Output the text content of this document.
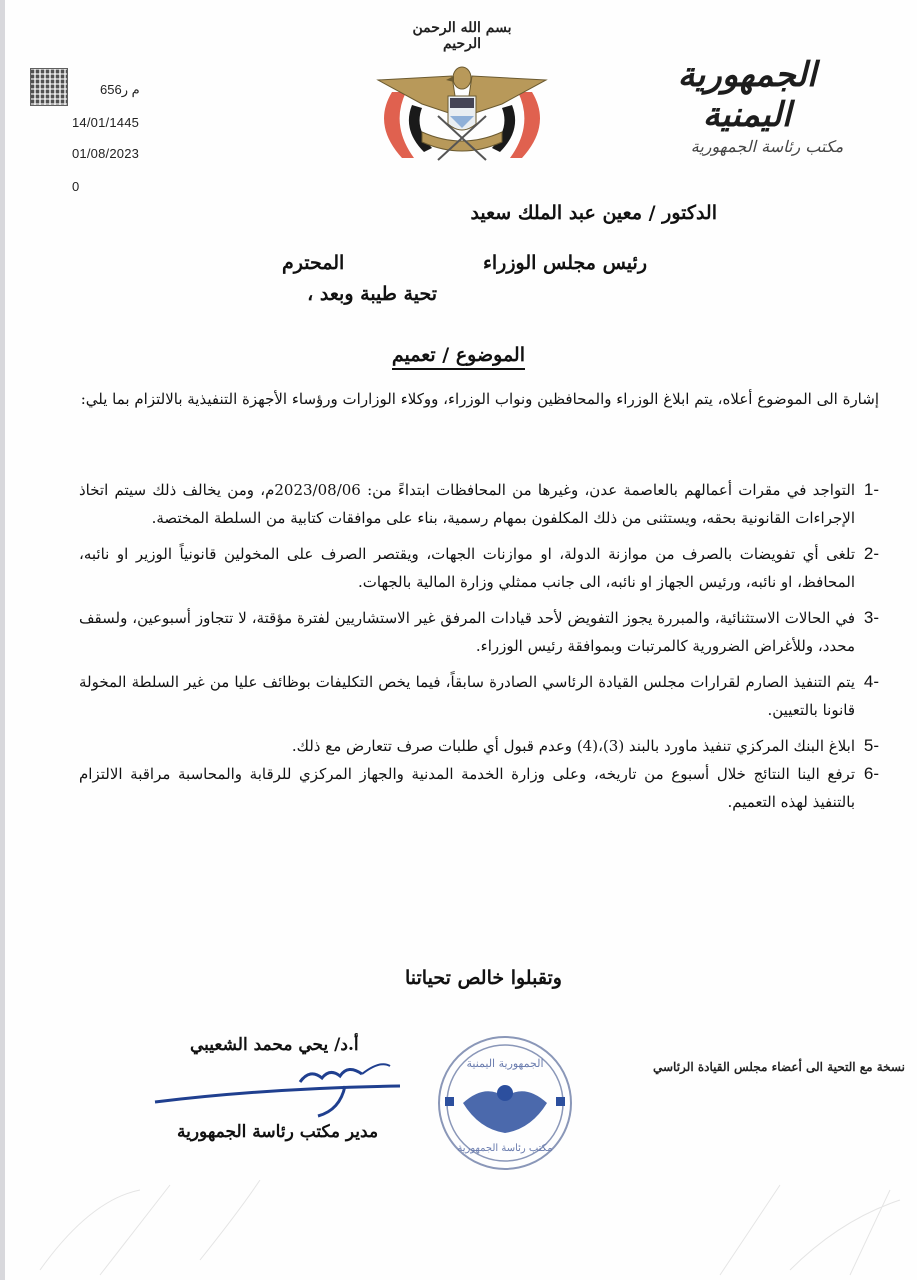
656م ر
14/01/1445
01/08/2023
0
بسم الله الرحمن الرحيم
الجمهورية اليمنية
مكتب رئاسة الجمهورية
الدكتور / معين عبد الملك سعيد
رئيس مجلس الوزراء
المحترم
تحية طيبة وبعد ،
الموضوع / تعميم
إشارة الى الموضوع أعلاه، يتم ابلاغ الوزراء والمحافظين ونواب الوزراء، ووكلاء الوزارات ورؤساء الأجهزة التنفيذية بالالتزام بما يلي:
-1
التواجد في مقرات أعمالهم بالعاصمة عدن، وغيرها من المحافظات ابتداءً من: 2023/08/06م، ومن يخالف ذلك سيتم اتخاذ الإجراءات القانونية بحقه، ويستثنى من ذلك المكلفون بمهام رسمية، بناء على موافقات كتابية من السلطة المختصة.
-2
تلغى أي تفويضات بالصرف من موازنة الدولة، او موازنات الجهات، ويقتصر الصرف على المخولين قانونياً الوزير او نائبه، المحافظ، او نائبه، ورئيس الجهاز او نائبه، الى جانب ممثلي وزارة المالية بالجهات.
-3
في الحالات الاستثنائية، والمبررة يجوز التفويض لأحد قيادات المرفق غير الاستشاريين لفترة مؤقتة، لا تتجاوز أسبوعين، ولسقف محدد، وللأغراض الضرورية كالمرتبات وبموافقة رئيس الوزراء.
-4
يتم التنفيذ الصارم لقرارات مجلس القيادة الرئاسي الصادرة سابقاً، فيما يخص التكليفات بوظائف عليا من غير السلطة المخولة قانونا بالتعيين.
-5
ابلاغ البنك المركزي تنفيذ ماورد بالبند (3)،(4) وعدم قبول أي طلبات صرف تتعارض مع ذلك.
-6
ترفع الينا النتائج خلال أسبوع من تاريخه، وعلى وزارة الخدمة المدنية والجهاز المركزي للرقابة والمحاسبة مراقبة الالتزام بالتنفيذ لهذه التعميم.
وتقبلوا خالص تحياتنا
أ.د/ يحي محمد الشعيبي
مدير مكتب رئاسة الجمهورية
الجمهورية اليمنية
مكتب رئاسة الجمهورية
نسخة مع التحية الى أعضاء مجلس القيادة الرئاسي
